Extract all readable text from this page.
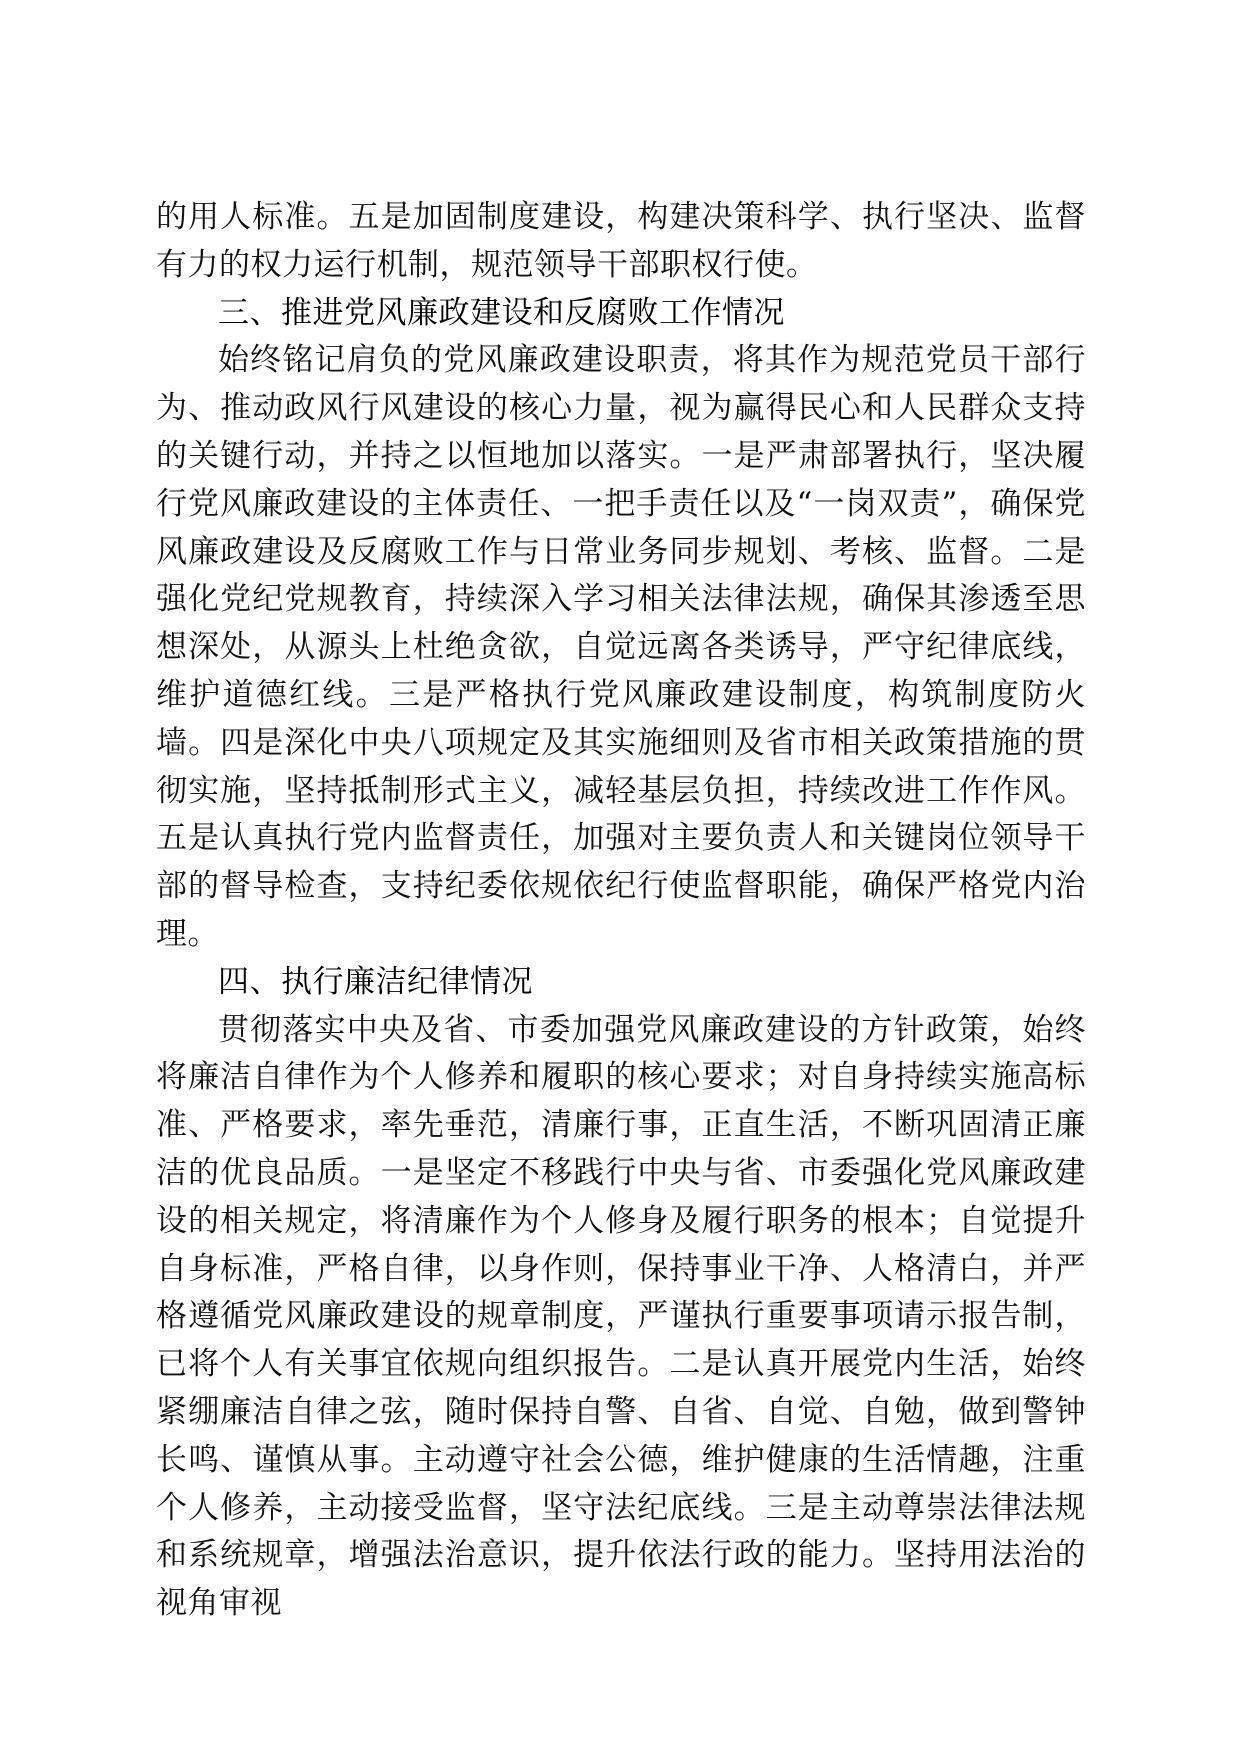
的用人标准。五是加固制度建设，构建决策科学、执行坚决、监督有力的权力运行机制，规范领导干部职权行使。

三、推进党风廉政建设和反腐败工作情况

始终铭记肩负的党风廉政建设职责，将其作为规范党员干部行为、推动政风行风建设的核心力量，视为赢得民心和人民群众支持的关键行动，并持之以恒地加以落实。一是严肃部署执行，坚决履行党风廉政建设的主体责任、一把手责任以及“一岗双责”，确保党风廉政建设及反腐败工作与日常业务同步规划、考核、监督。二是强化党纪党规教育，持续深入学习相关法律法规，确保其渗透至思想深处，从源头上杜绝贪欲，自觉远离各类诱导，严守纪律底线，维护道德红线。三是严格执行党风廉政建设制度，构筑制度防火墙。四是深化中央八项规定及其实施细则及省市相关政策措施的贯彻实施，坚持抵制形式主义，减轻基层负担，持续改进工作作风。五是认真执行党内监督责任，加强对主要负责人和关键岗位领导干部的督导检查，支持纪委依规依纪行使监督职能，确保严格党内治理。

四、执行廉洁纪律情况

贯彻落实中央及省、市委加强党风廉政建设的方针政策，始终将廉洁自律作为个人修养和履职的核心要求；对自身持续实施高标准、严格要求，率先垂范，清廉行事，正直生活，不断巩固清正廉洁的优良品质。一是坚定不移践行中央与省、市委强化党风廉政建设的相关规定，将清廉作为个人修身及履行职务的根本；自觉提升自身标准，严格自律，以身作则，保持事业干净、人格清白，并严格遵循党风廉政建设的规章制度，严谨执行重要事项请示报告制，已将个人有关事宜依规向组织报告。二是认真开展党内生活，始终紧绷廉洁自律之弦，随时保持自警、自省、自觉、自勉，做到警钟长鸣、谨慎从事。主动遵守社会公德，维护健康的生活情趣，注重个人修养，主动接受监督，坚守法纪底线。三是主动尊崇法律法规和系统规章，增强法治意识，提升依法行政的能力。坚持用法治的视角审视
